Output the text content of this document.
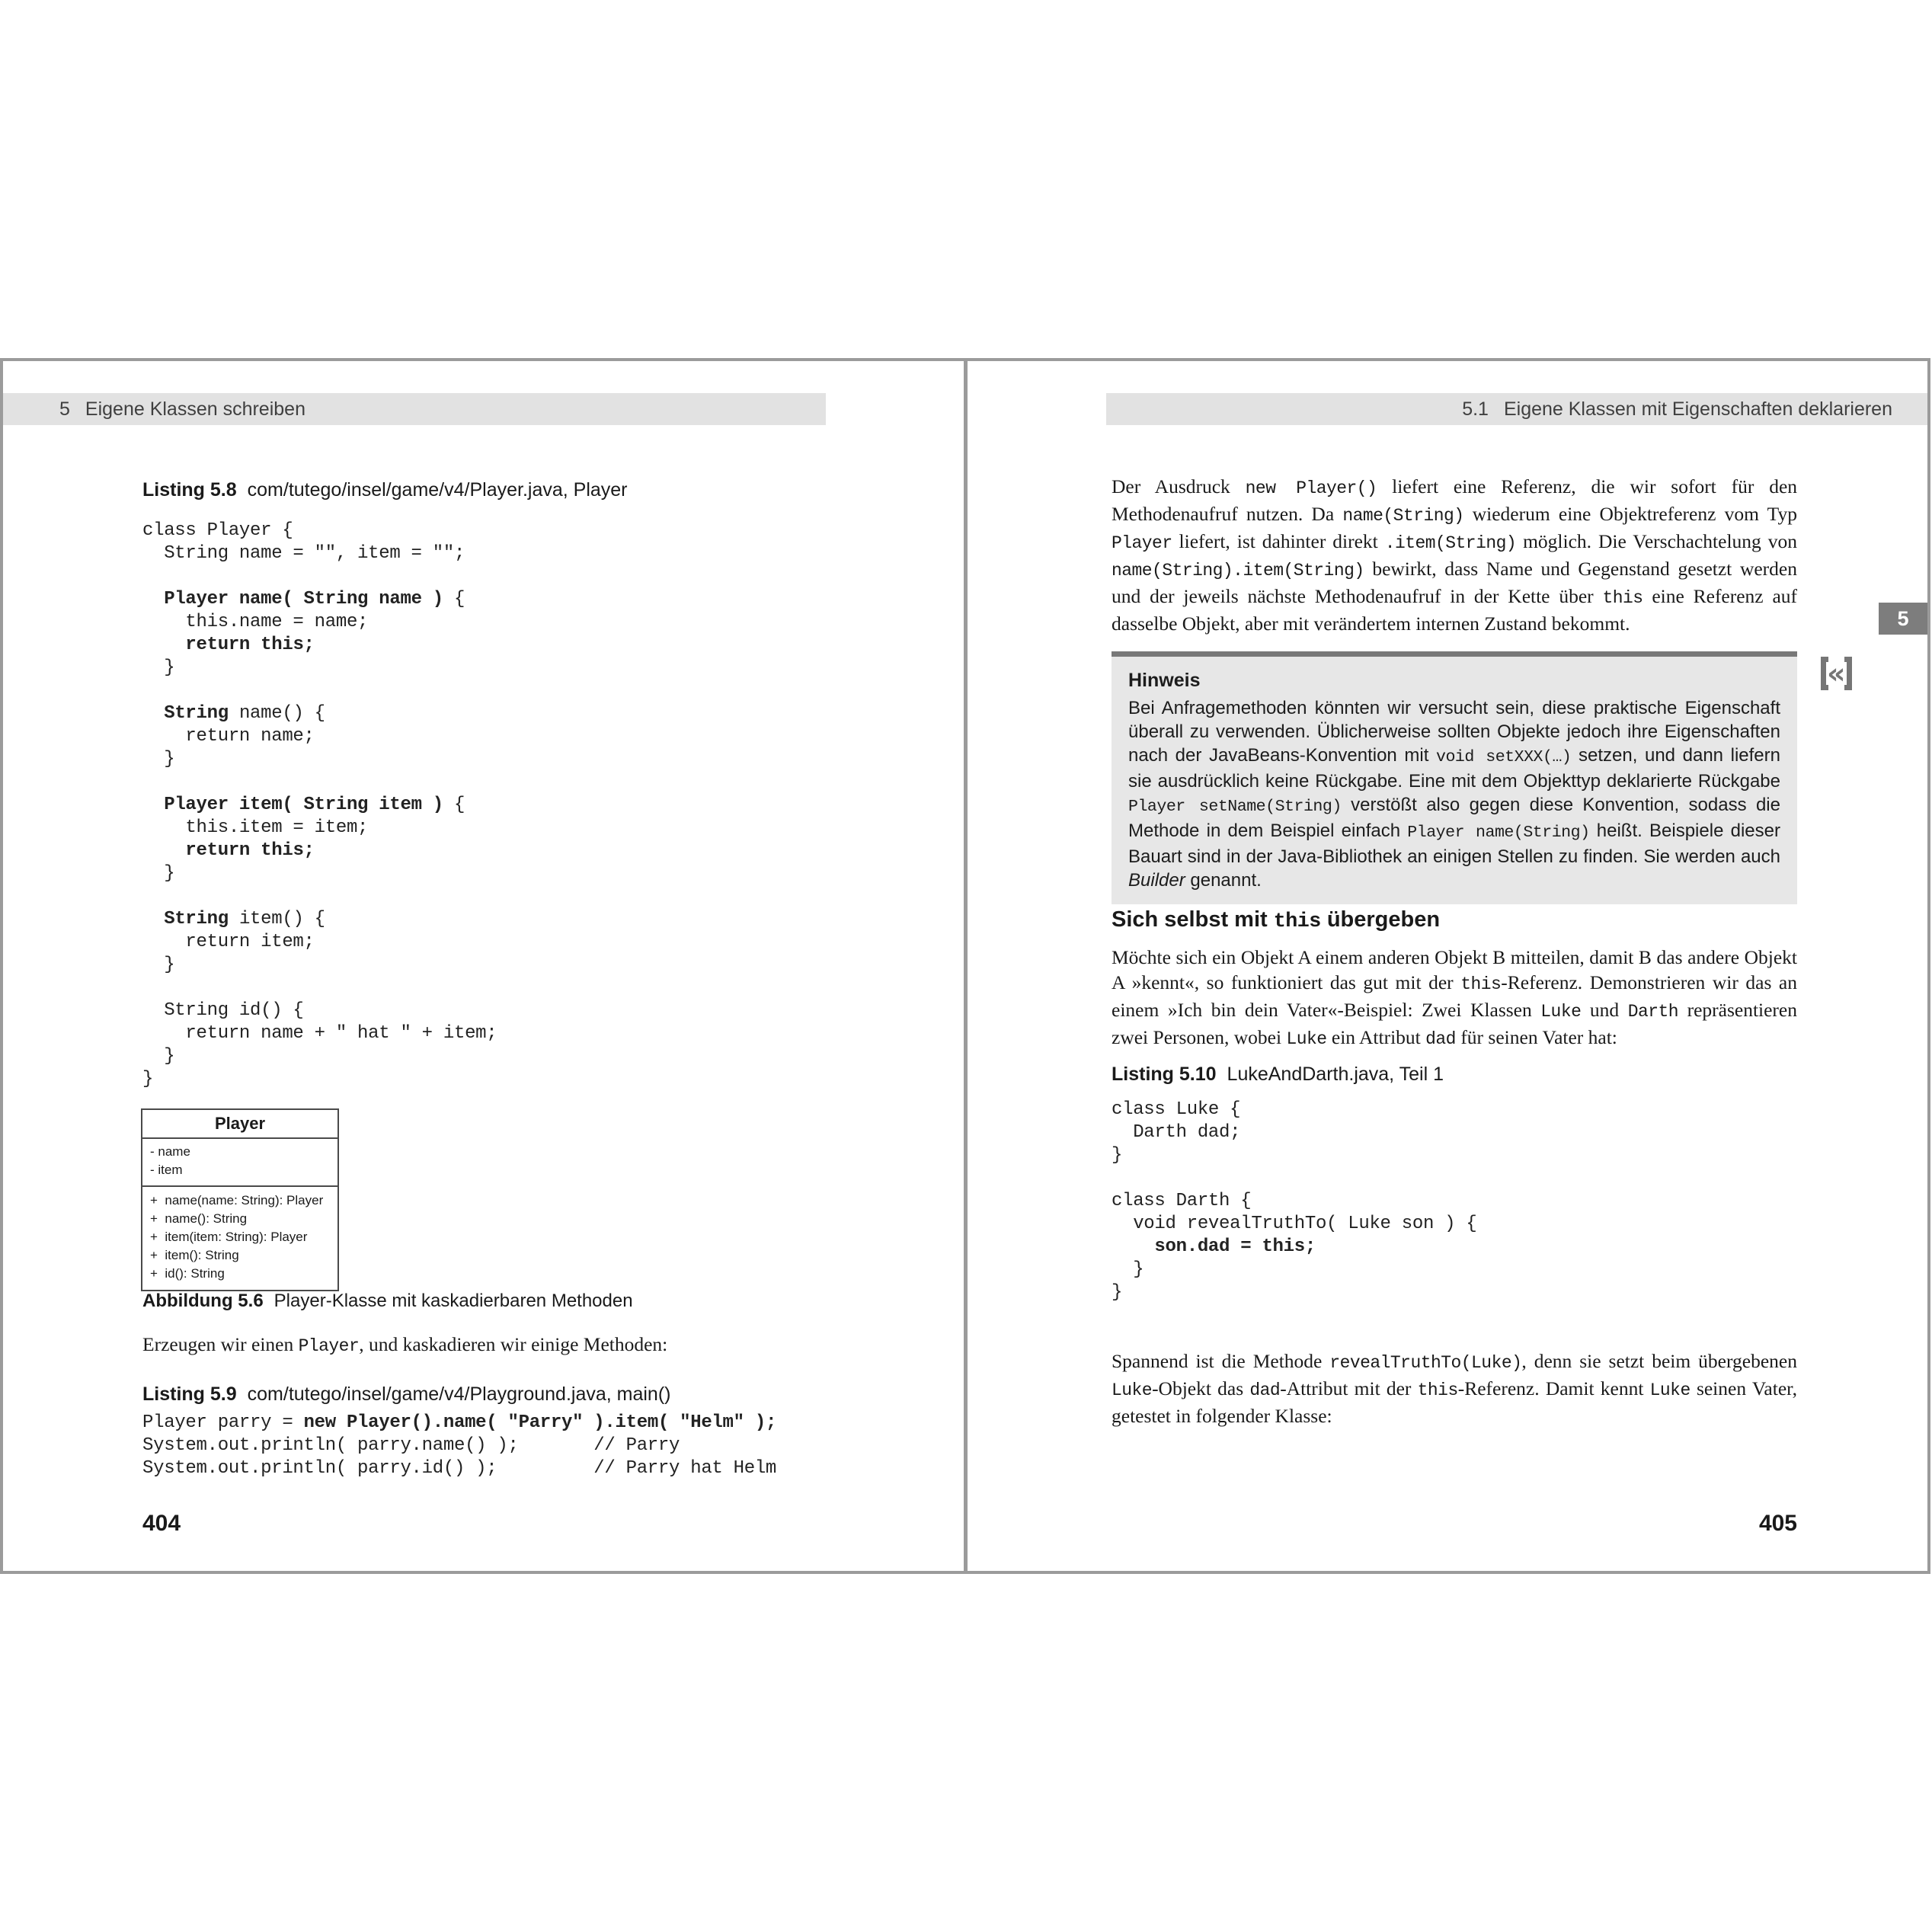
5 Eigene Klassen schreiben	5.1 Eigene Klassen mit Eigenschaften deklarieren
Listing 5.8 com/tutego/insel/game/v4/Player.java, Player
class Player {
String name = "", item = "";

Player name( String name ) {
this.name = name;
return this;
}

String name() {
return name;
}

Player item( String item ) {
this.item = item;
return this;
}

String item() {
return item;
}

String id() {
return name + " hat " + item;
}
}
Player
- name
- item
+  name(name: String): Player
+  name(): String
+  item(item: String): Player
+  item(): String
+  id(): String
Abbildung 5.6 Player-Klasse mit kaskadierbaren Methoden
Erzeugen wir einen Player, und kaskadieren wir einige Methoden:
Listing 5.9 com/tutego/insel/game/v4/Playground.java, main()
Player parry = new Player().name( "Parry" ).item( "Helm" );
System.out.println( parry.name() );       // Parry
System.out.println( parry.id() );         // Parry hat Helm
404
Der Ausdruck new Player() liefert eine Referenz, die wir sofort für den Methodenaufruf nutzen. Da name(String) wiederum eine Objektreferenz vom Typ Player liefert, ist dahinter direkt .item(String) möglich. Die Verschachtelung von name(String).item(String) bewirkt, dass Name und Gegenstand gesetzt werden und der jeweils nächste Methodenaufruf in der Kette über this eine Referenz auf dasselbe Objekt, aber mit verändertem internen Zustand bekommt.
Hinweis
Bei Anfragemethoden könnten wir versucht sein, diese praktische Eigenschaft überall zu verwenden. Üblicherweise sollten Objekte jedoch ihre Eigenschaften nach der JavaBeans-Konvention mit void setXXX(…) setzen, und dann liefern sie ausdrücklich keine Rückgabe. Eine mit dem Objekttyp deklarierte Rückgabe Player setName(String) verstößt also gegen diese Konvention, sodass die Methode in dem Beispiel einfach Player name(String) heißt. Beispiele dieser Bauart sind in der Java-Bibliothek an einigen Stellen zu finden. Sie werden auch Builder genannt.
5
«
Sich selbst mit this übergeben
Möchte sich ein Objekt A einem anderen Objekt B mitteilen, damit B das andere Objekt A »kennt«, so funktioniert das gut mit der this-Referenz. Demonstrieren wir das an einem »Ich bin dein Vater«-Beispiel: Zwei Klassen Luke und Darth repräsentieren zwei Personen, wobei Luke ein Attribut dad für seinen Vater hat:
Listing 5.10 LukeAndDarth.java, Teil 1
class Luke {
Darth dad;
}

class Darth {
void revealTruthTo( Luke son ) {
son.dad = this;
}
}
Spannend ist die Methode revealTruthTo(Luke), denn sie setzt beim übergebenen Luke-Objekt das dad-Attribut mit der this-Referenz. Damit kennt Luke seinen Vater, getestet in folgender Klasse:
405
